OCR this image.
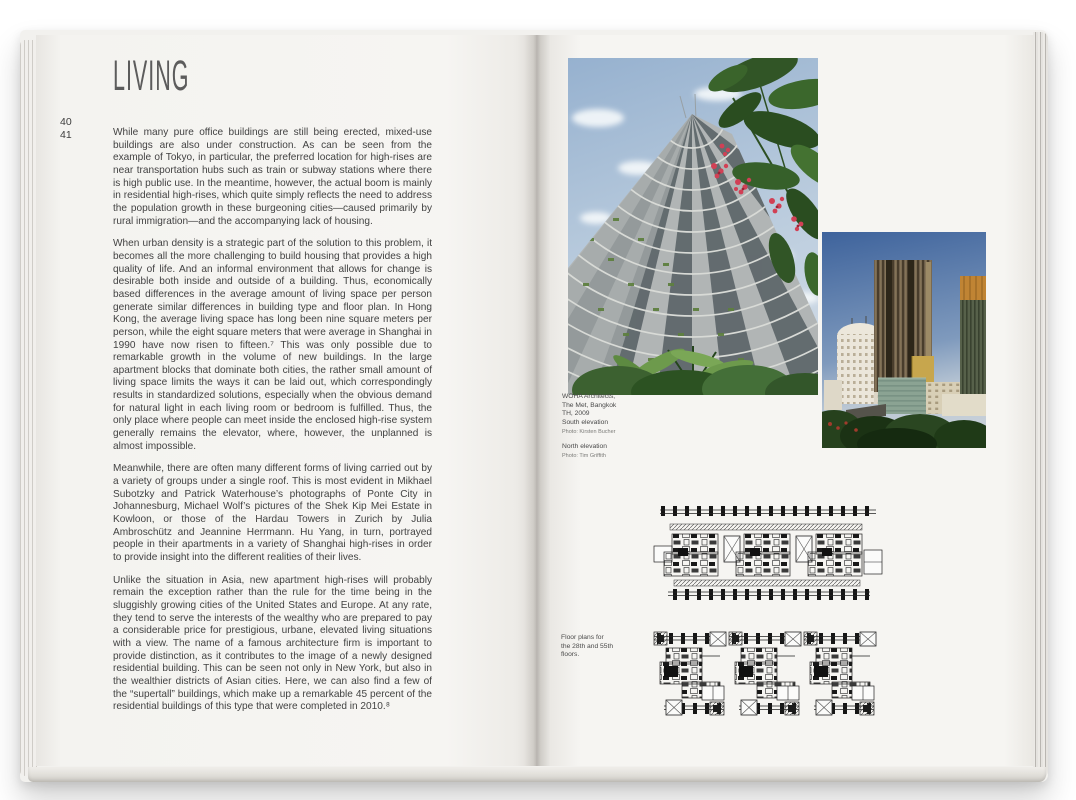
40
41
LIVING

While many pure office buildings are still being erected, mixed-use buildings are also under construction. As can be seen from the example of Tokyo, in particular, the preferred location for high-rises are near transportation hubs such as train or subway stations where there is high public use. In the meantime, however, the actual boom is mainly in residential high-rises, which quite simply reflects the need to address the population growth in these burgeoning cities—caused primarily by rural immigration—and the accompanying lack of housing.

When urban density is a strategic part of the solution to this problem, it becomes all the more challenging to build housing that provides a high quality of life. And an informal environment that allows for change is desirable both inside and outside of a building. Thus, economically based differences in the average amount of living space per person generate similar differences in building type and floor plan. In Hong Kong, the average living space has long been nine square meters per person, while the eight square meters that were average in Shanghai in 1990 have now risen to fifteen.⁷ This was only possible due to remarkable growth in the volume of new buildings. In the large apartment blocks that dominate both cities, the rather small amount of living space limits the ways it can be laid out, which correspondingly results in standardized solutions, especially when the obvious demand for natural light in each living room or bedroom is fulfilled. Thus, the only place where people can meet inside the enclosed high-rise system generally remains the elevator, where, however, the unplanned is almost impossible.

Meanwhile, there are often many different forms of living carried out by a variety of groups under a single roof. This is most evident in Mikhael Subotzky and Patrick Waterhouse’s photographs of Ponte City in Johannesburg, Michael Wolf’s pictures of the Shek Kip Mei Estate in Kowloon, or those of the Hardau Towers in Zurich by Julia Ambroschütz and Jeannine Herrmann. Hu Yang, in turn, portrayed people in their apartments in a variety of Shanghai high-rises in order to provide insight into the different realities of their lives.

Unlike the situation in Asia, new apartment high-rises will probably remain the exception rather than the rule for the time being in the sluggishly growing cities of the United States and Europe. At any rate, they tend to serve the interests of the wealthy who are prepared to pay a considerable price for prestigious, urbane, elevated living situations with a view. The name of a famous architecture firm is important to provide distinction, as it contributes to the image of a newly designed residential building. This can be seen not only in New York, but also in the wealthier districts of Asian cities. Here, we can also find a few of the “supertall” buildings, which make up a remarkable 45 percent of the residential buildings of this type that were completed in 2010.⁸

WOHA Architects,

The Met, Bangkok

TH, 2009

South elevation

Photo: Kirsten Bucher

North elevation

Photo: Tim Griffith

Floor plans for

the 28th and 55th

floors.
